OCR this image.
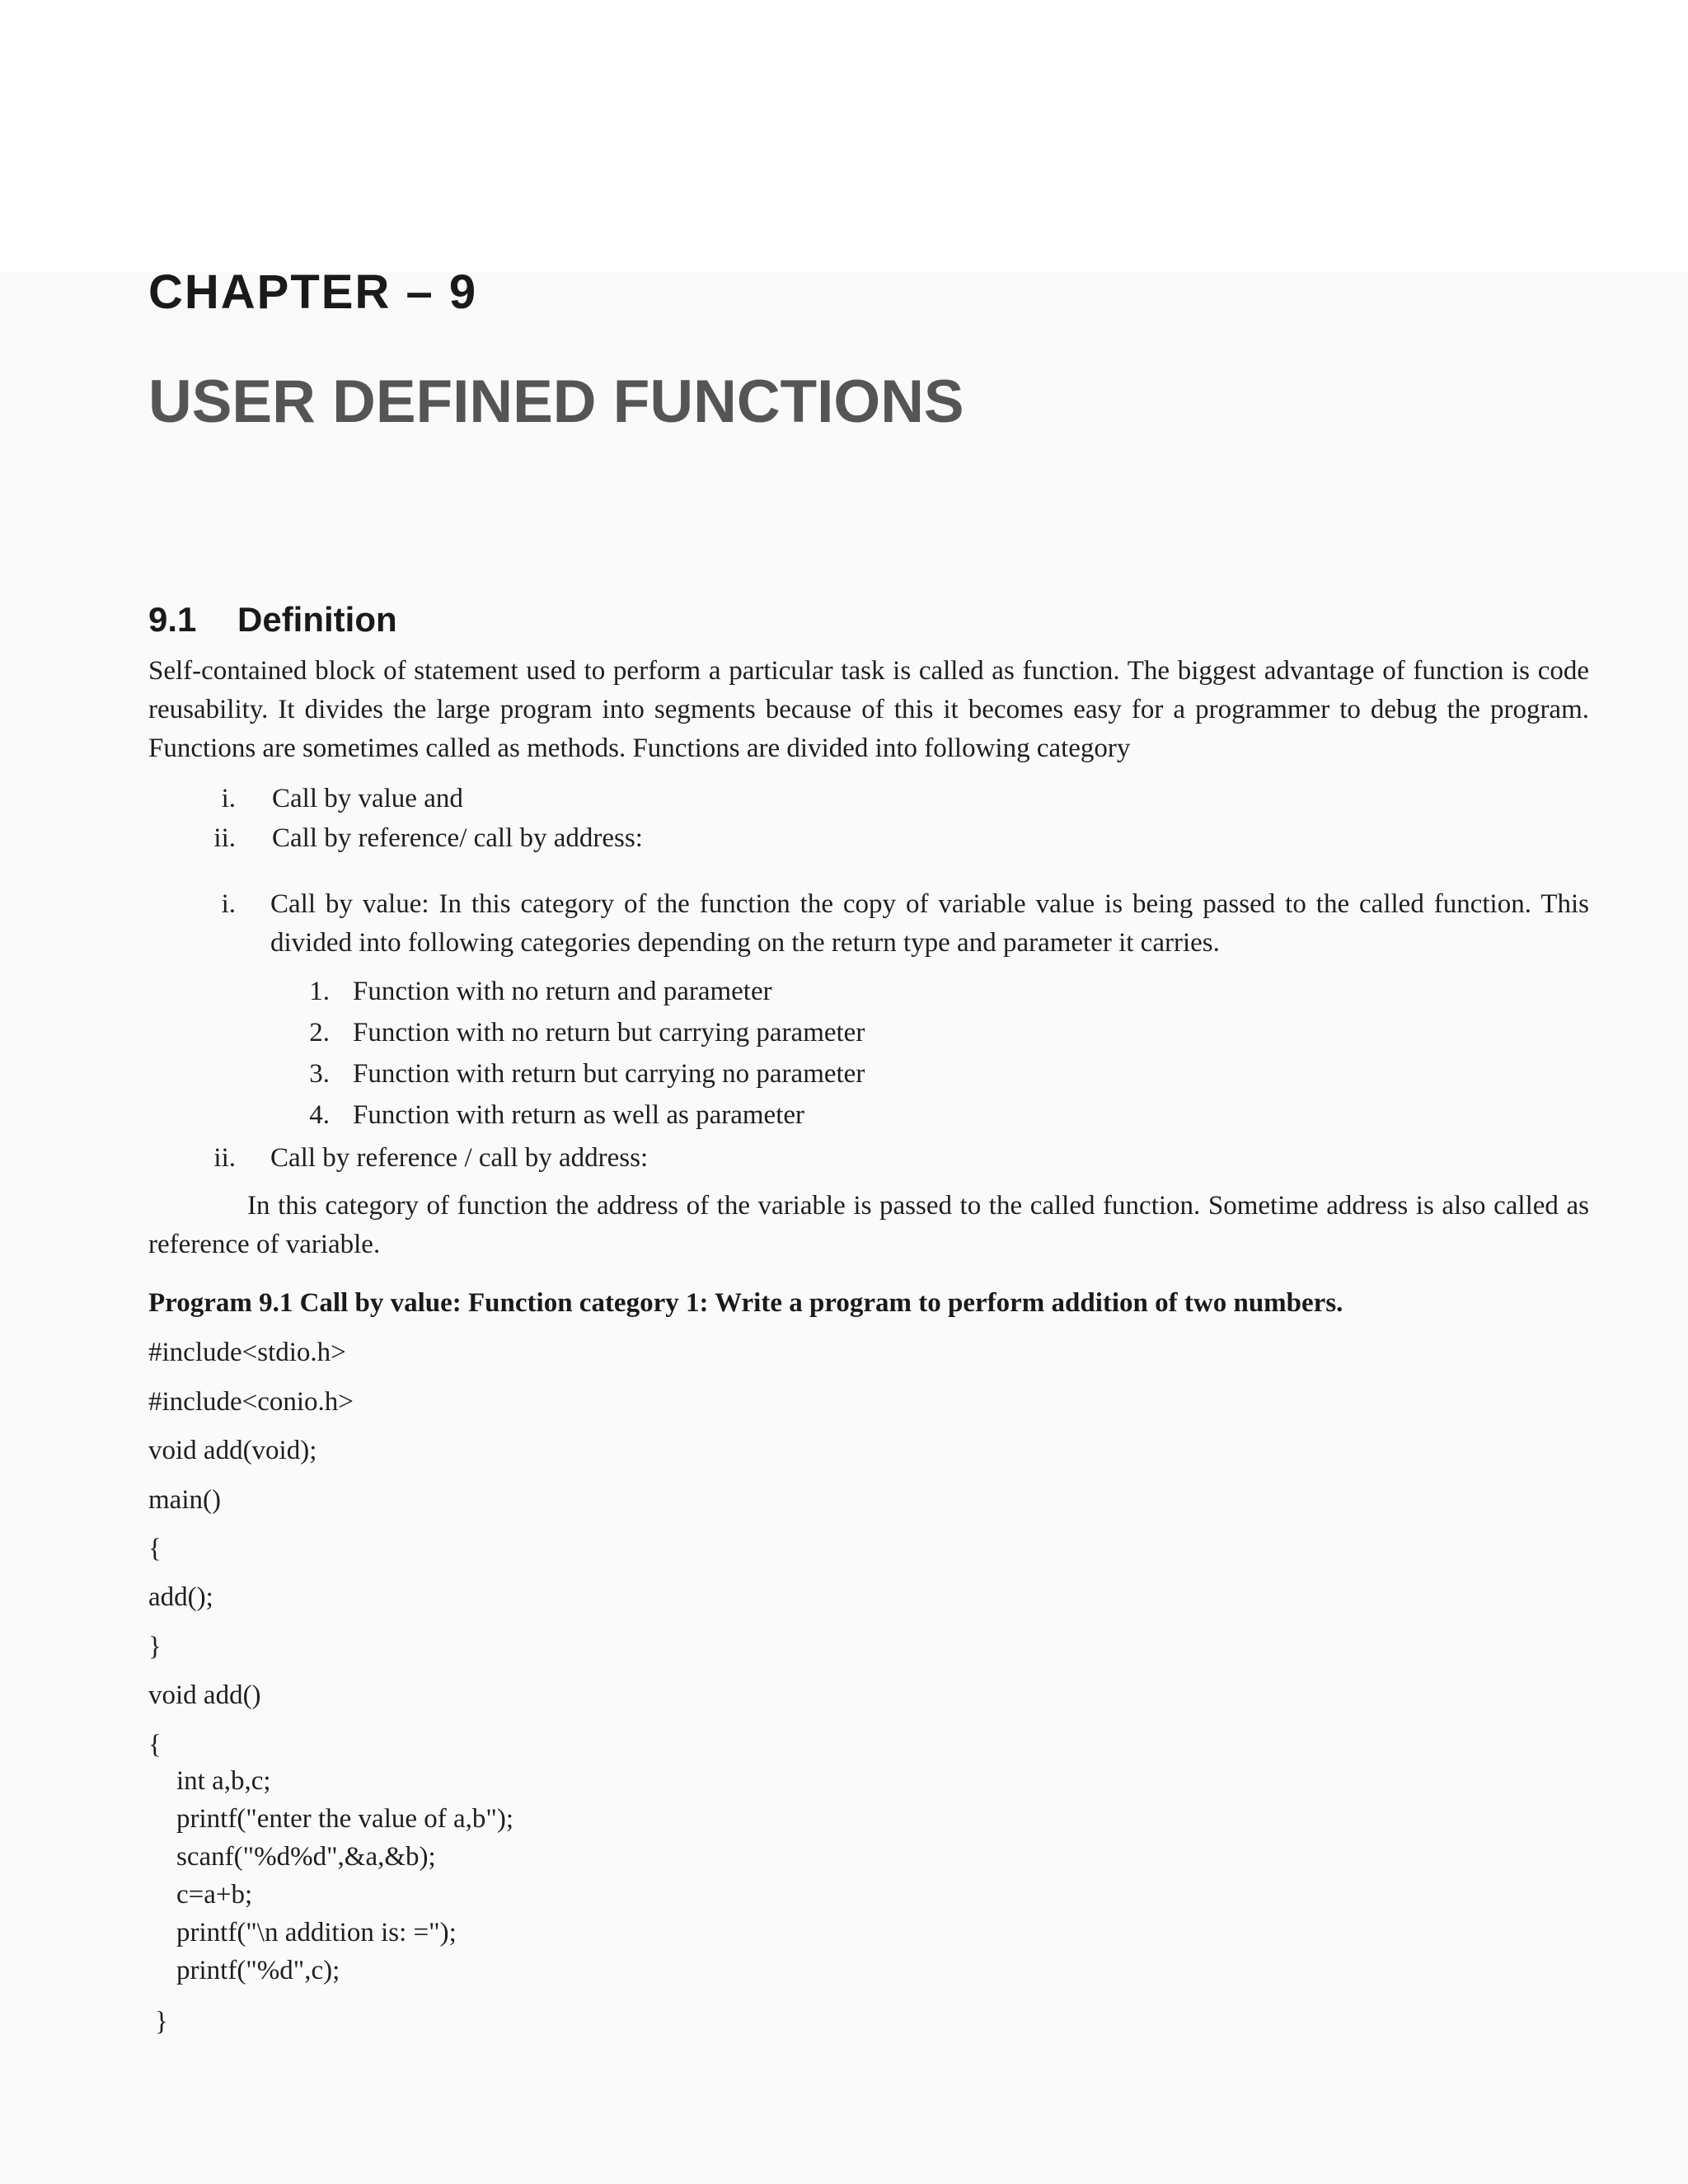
CHAPTER – 9
USER DEFINED FUNCTIONS
9.1 Definition

Self-contained block of statement used to perform a particular task is called as function. The biggest advantage of function is code reusability. It divides the large program into segments because of this it becomes easy for a programmer to debug the program. Functions are sometimes called as methods. Functions are divided into following category

i. Call by value and
ii. Call by reference/ call by address:
i. Call by value: In this category of the function the copy of variable value is being passed to the called function. This divided into following categories depending on the return type and parameter it carries.

1. Function with no return and parameter
2. Function with no return but carrying parameter
3. Function with return but carrying no parameter
4. Function with return as well as parameter
ii. Call by reference / call by address:

In this category of function the address of the variable is passed to the called function. Sometime address is also called as reference of variable.

Program 9.1 Call by value: Function category 1: Write a program to perform addition of two numbers.

#include<stdio.h>
#include<conio.h>
void add(void);
main()
{
add();
}
void add()
{
int a,b,c;
printf("enter the value of a,b");
scanf("%d%d",&a,&b);
c=a+b;
printf("\n addition is: =");
printf("%d",c);
}
